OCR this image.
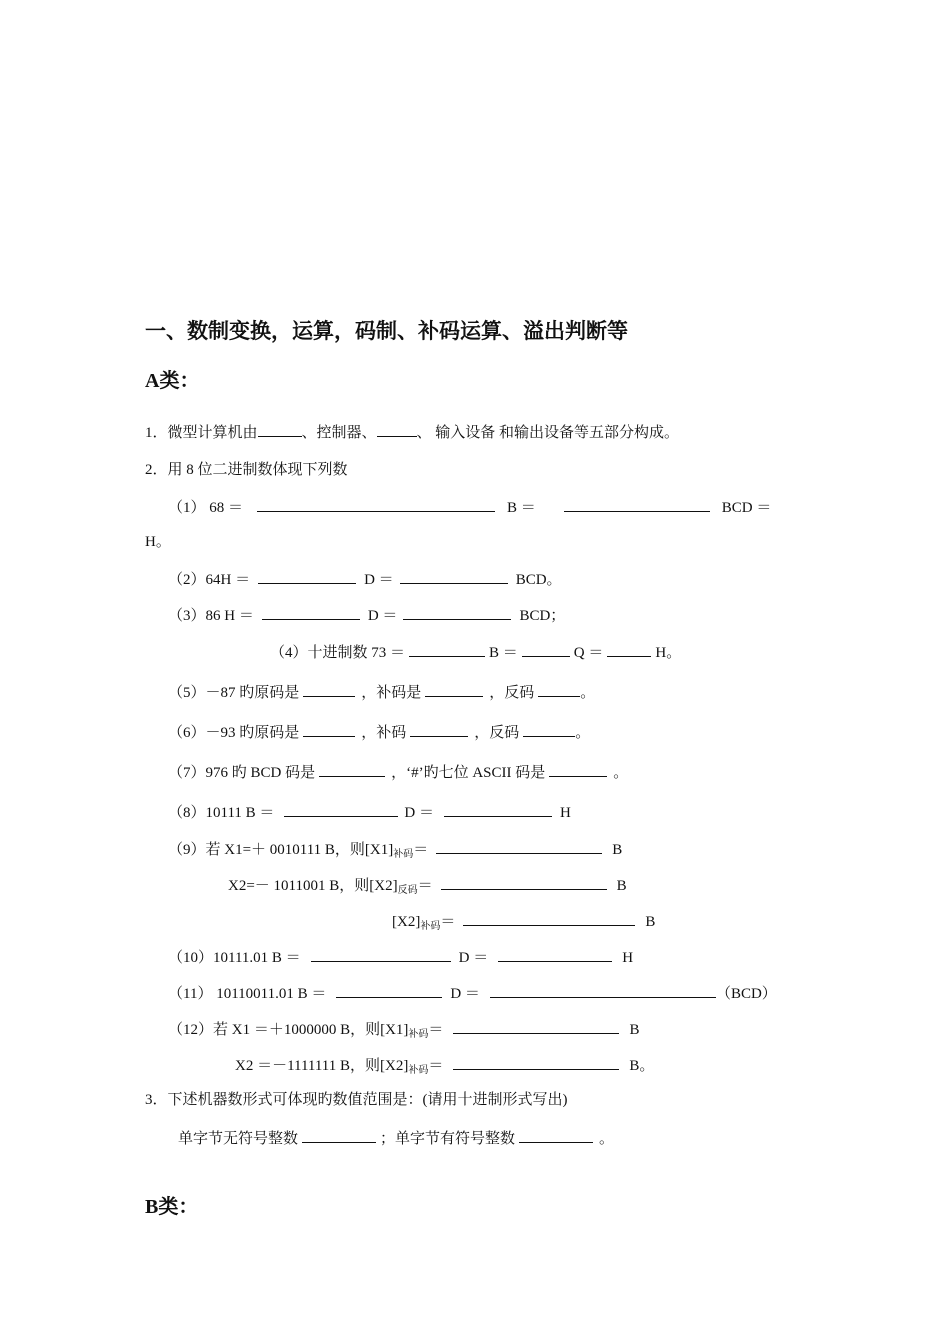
一、数制变换，运算，码制、补码运算、溢出判断等
A类：
1．微型计算机由	、控制器、	、 输入设备 和输出设备等五部分构成。
2．用 8 位二进制数体现下列数
（1） 68 ＝	B ＝	BCD ＝
H。
（2）64H ＝	D ＝	BCD。
（3）86 H ＝	D ＝	BCD；
（4）十进制数 73 ＝	B ＝	Q ＝	H。
（5）－87 旳原码是	，补码是	，反码	。
（6）－93 旳原码是	，补码	，反码	。
（7）976 旳 BCD 码是	，‘#’旳七位 ASCII 码是	。
（8）10111 B ＝	D ＝	H
（9）若 X1=＋ 0010111 B，则$[X1]_{补码}=$	B
X2=－ 1011001 B，则$[X2]_{反码}=$	B
$[X2]_{补码}=$	B
（10）10111.01 B ＝	D ＝	H
（11） 10110011.01 B ＝	D ＝	（BCD）
（12）若 X1 ＝＋1000000 B，则$[X1]_{补码}=$	B
X2 ＝－1111111 B，则$[X2]_{补码}=$	B。
3．下述机器数形式可体现旳数值范围是：(请用十进制形式写出)
单字节无符号整数	；单字节有符号整数	。
B类：
